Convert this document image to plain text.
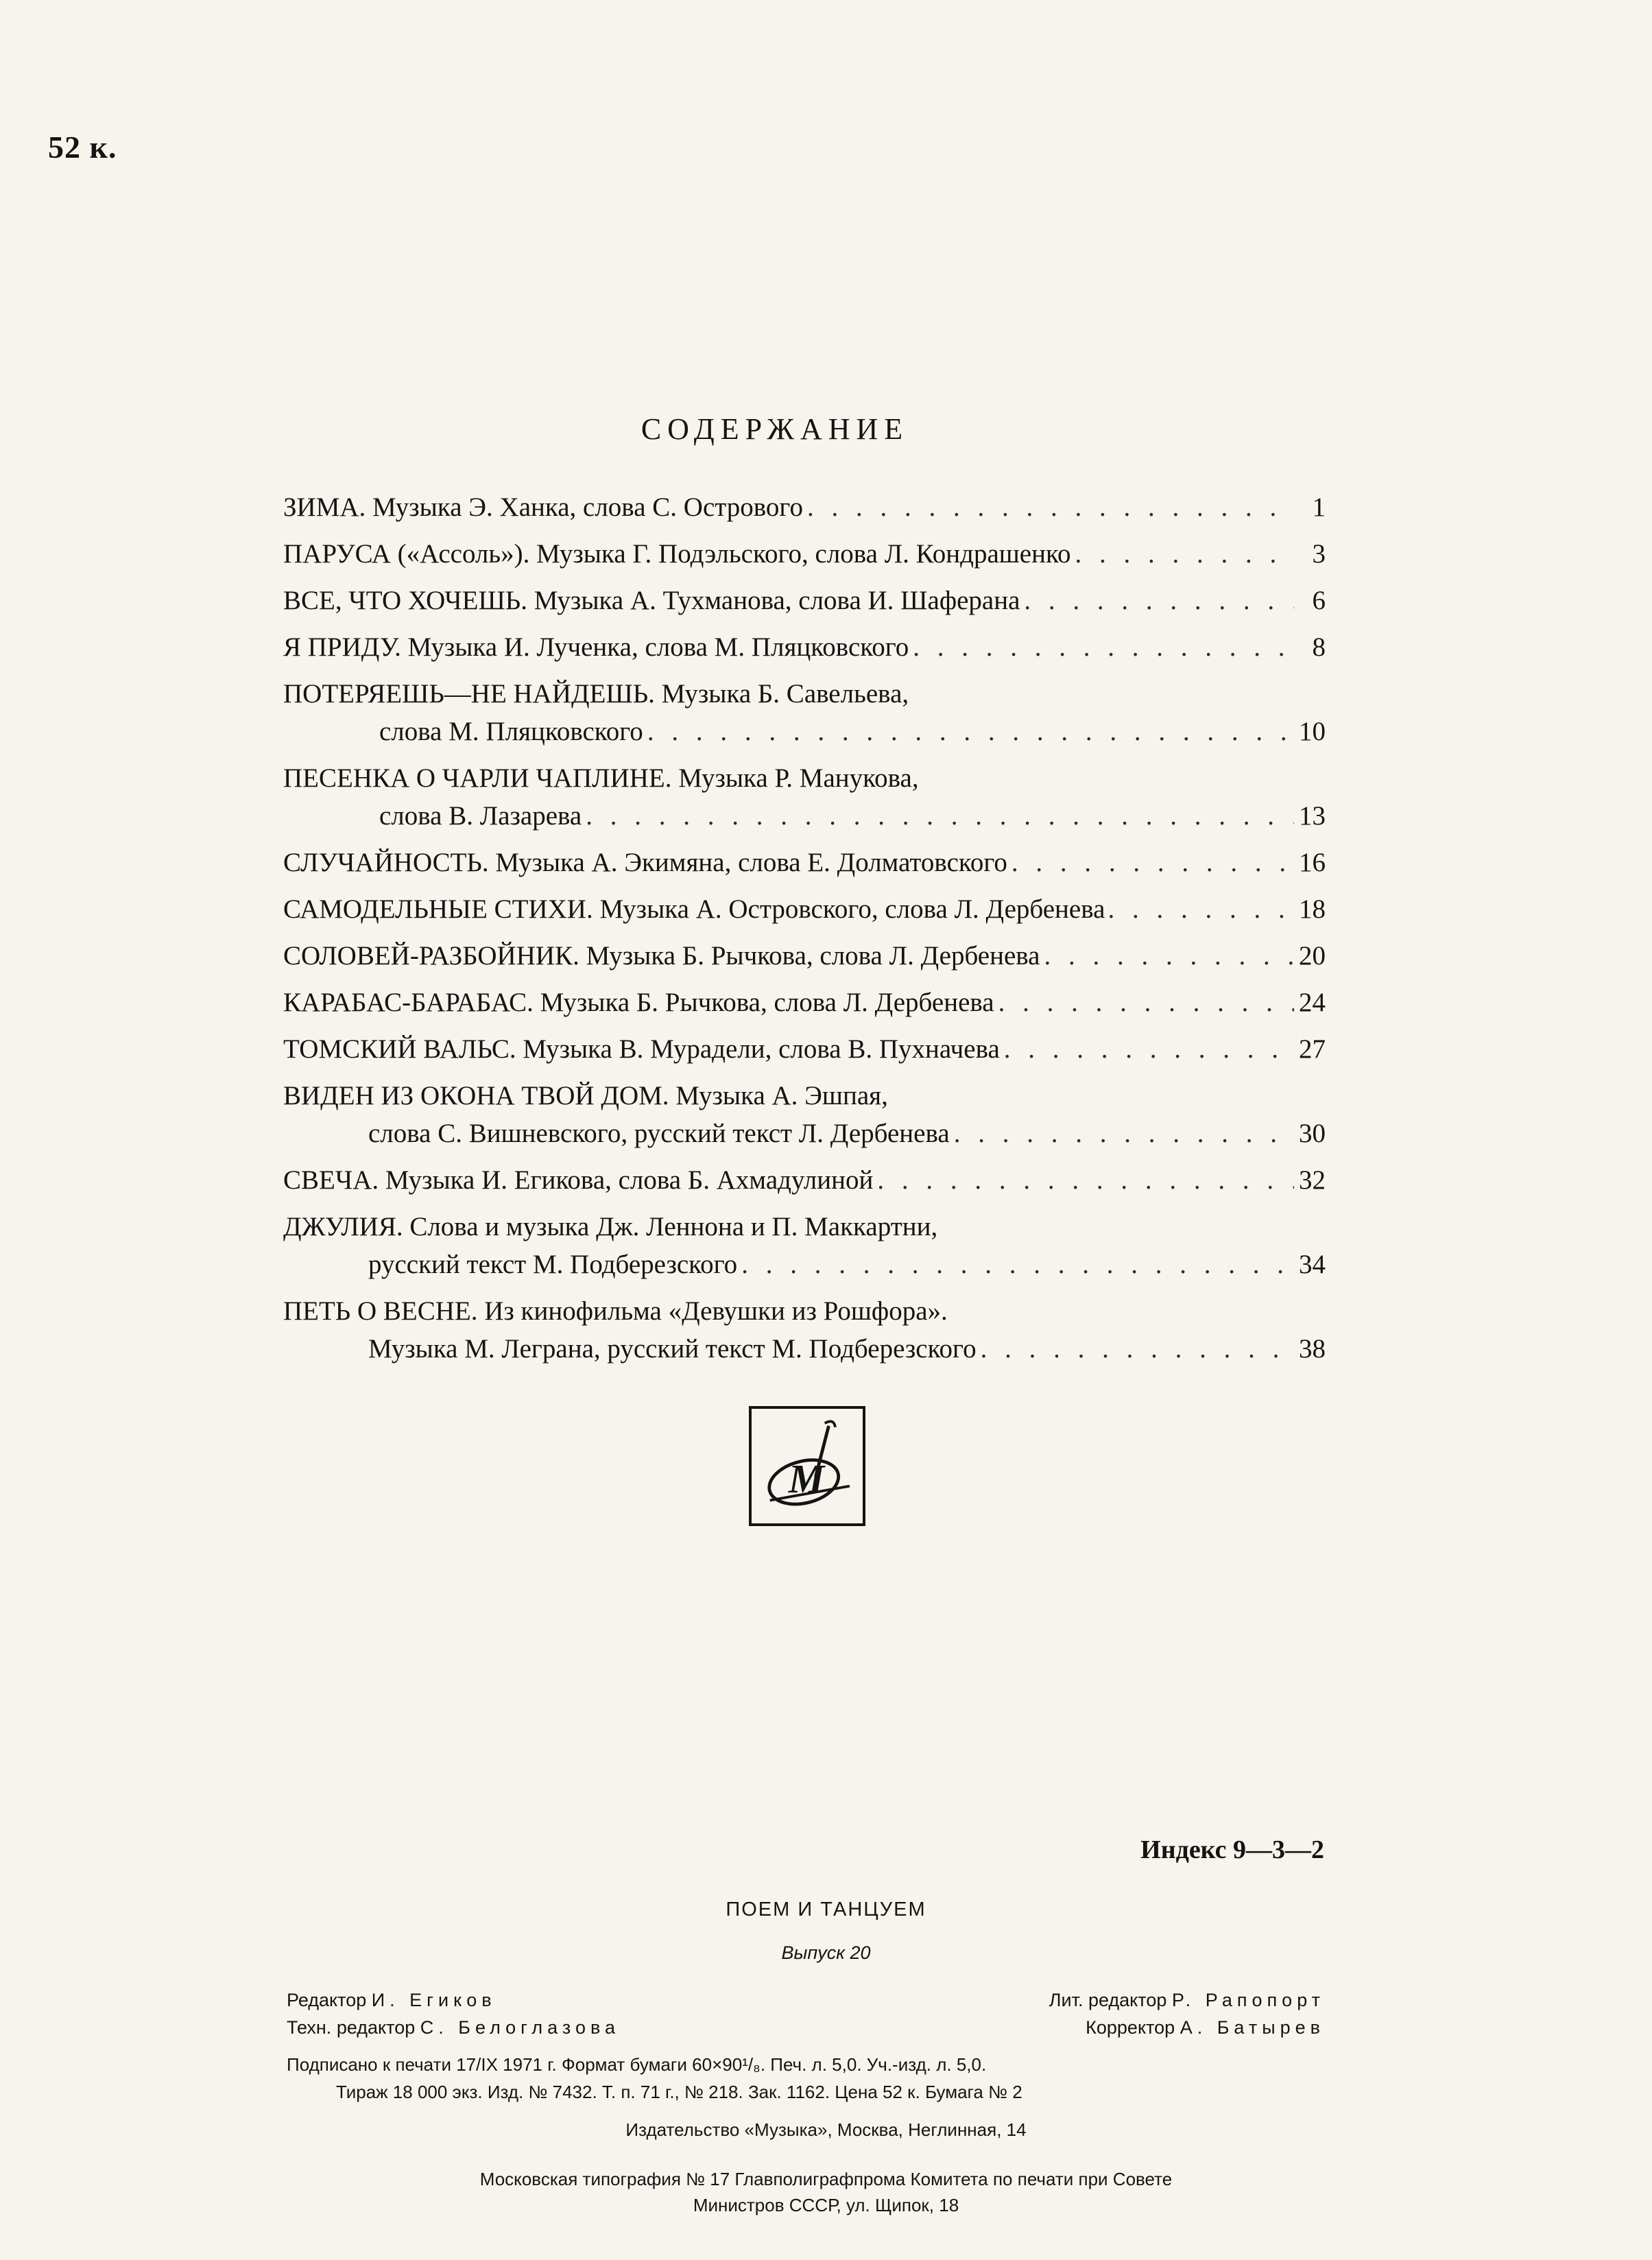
52 к.
СОДЕРЖАНИЕ
ЗИМА. Музыка Э. Ханка, слова С. Острового . . .	1
ПАРУСА («Ассоль»). Музыка Г. Подэльского, слова Л. Кондрашенко . . .	3
ВСЕ, ЧТО ХОЧЕШЬ. Музыка А. Тухманова, слова И. Шаферана . . .	6
Я ПРИДУ. Музыка И. Лученка, слова М. Пляцковского . . .	8
ПОТЕРЯЕШЬ—НЕ НАЙДЕШЬ. Музыка Б. Савельева,
слова М. Пляцковского . . .	10
ПЕСЕНКА О ЧАРЛИ ЧАПЛИНЕ. Музыка Р. Манукова,
слова В. Лазарева . . .	13
СЛУЧАЙНОСТЬ. Музыка А. Экимяна, слова Е. Долматовского . . .	16
САМОДЕЛЬНЫЕ СТИХИ. Музыка А. Островского, слова Л. Дербенева . . .	18
СОЛОВЕЙ-РАЗБОЙНИК. Музыка Б. Рычкова, слова Л. Дербенева . . .	20
КАРАБАС-БАРАБАС. Музыка Б. Рычкова, слова Л. Дербенева . . .	24
ТОМСКИЙ ВАЛЬС. Музыка В. Мурадели, слова В. Пухначева . . .	27
ВИДЕН ИЗ ОКОНА ТВОЙ ДОМ. Музыка А. Эшпая,
слова С. Вишневского, русский текст Л. Дербенева . . .	30
СВЕЧА. Музыка И. Егикова, слова Б. Ахмадулиной . . .	32
ДЖУЛИЯ. Слова и музыка Дж. Леннона и П. Маккартни,
русский текст М. Подберезского . . .	34
ПЕТЬ О ВЕСНЕ. Из кинофильма «Девушки из Рошфора».
Музыка М. Леграна, русский текст М. Подберезского . . .	38
М
Индекс 9—3—2
ПОЕМ И ТАНЦУЕМ
Выпуск 20
Редактор И. Егиков
Техн. редактор С. Белоглазова
Лит. редактор Р. Рапопорт
Корректор А. Батырев
Подписано к печати 17/IX 1971 г. Формат бумаги 60×90¹/₈. Печ. л. 5,0. Уч.-изд. л. 5,0.
Тираж 18 000 экз. Изд. № 7432. Т. п. 71 г., № 218. Зак. 1162. Цена 52 к. Бумага № 2
Издательство «Музыка», Москва, Неглинная, 14
Московская типография № 17 Главполиграфпрома Комитета по печати при Совете
Министров СССР, ул. Щипок, 18
